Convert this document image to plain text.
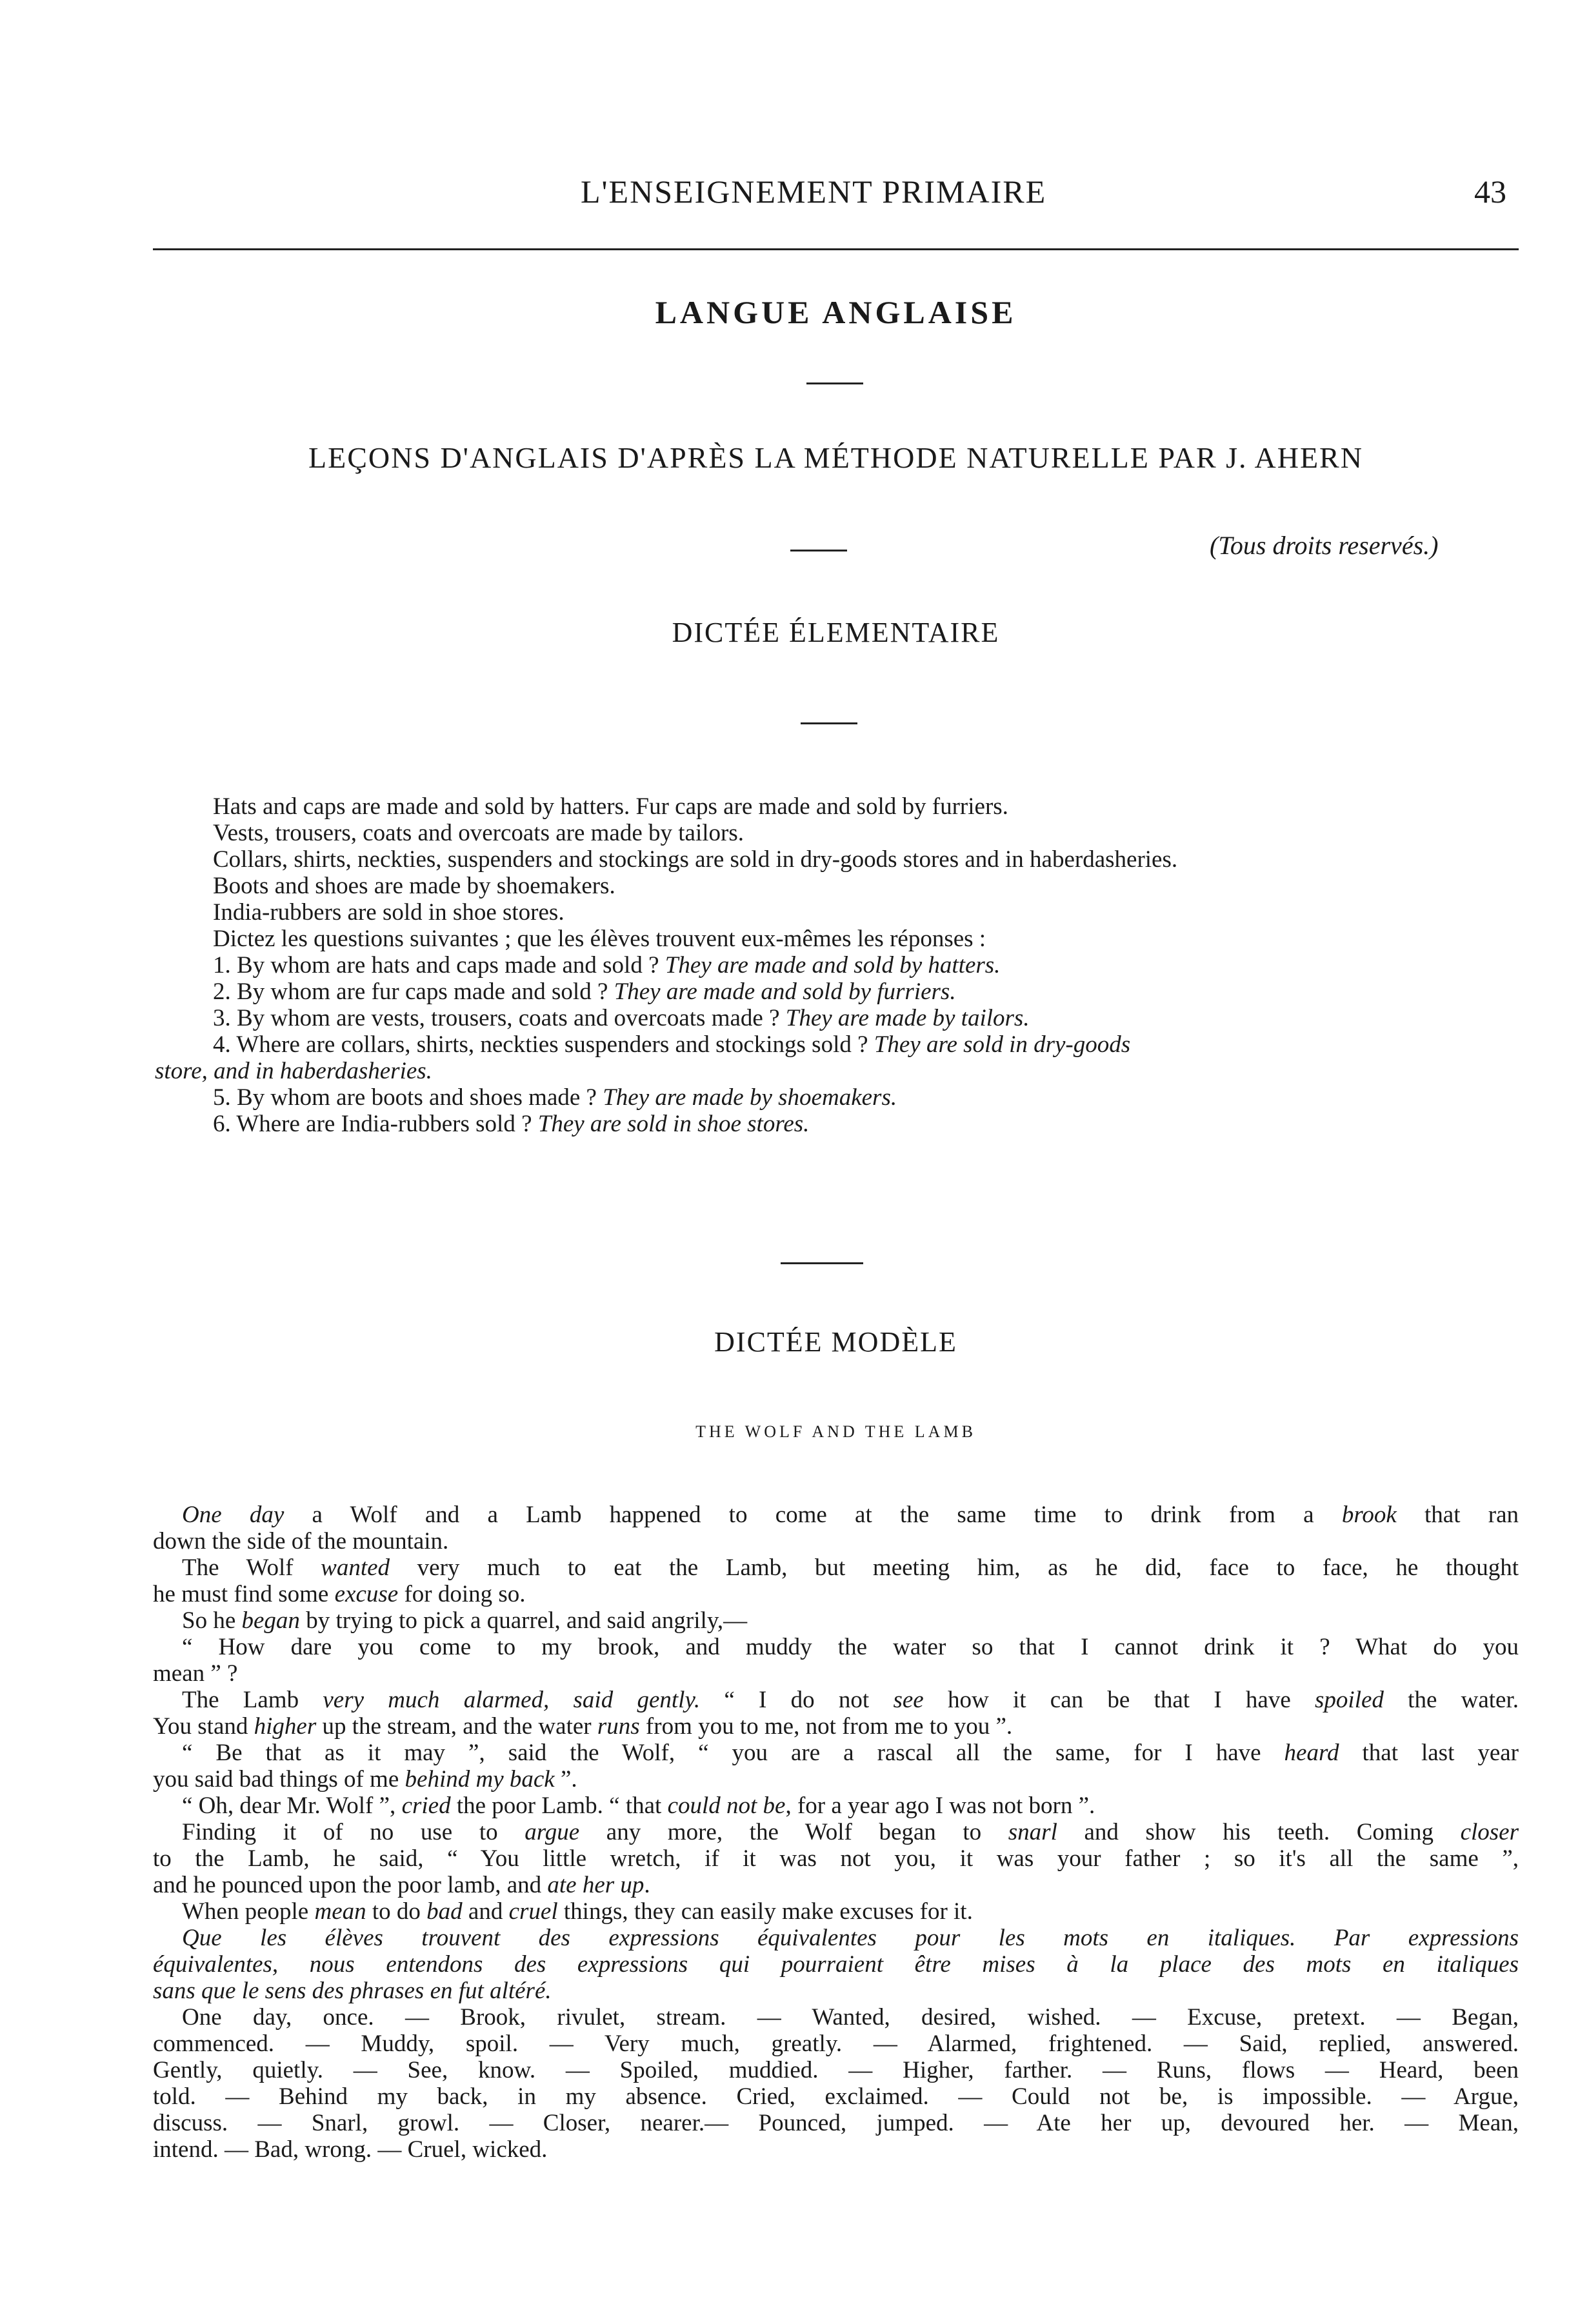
L'ENSEIGNEMENT PRIMAIRE	43
LANGUE ANGLAISE
LEÇONS D'ANGLAIS D'APRÈS LA MÉTHODE NATURELLE PAR J. AHERN
(Tous droits reservés.)
DICTÉE ÉLEMENTAIRE

Hats and caps are made and sold by hatters. Fur caps are made and sold by furriers.

Vests, trousers, coats and overcoats are made by tailors.

Collars, shirts, neckties, suspenders and stockings are sold in dry-goods stores and in haberdasheries.

Boots and shoes are made by shoemakers.

India-rubbers are sold in shoe stores.

Dictez les questions suivantes ; que les élèves trouvent eux-mêmes les réponses :

1. By whom are hats and caps made and sold ? They are made and sold by hatters.

2. By whom are fur caps made and sold ? They are made and sold by furriers.

3. By whom are vests, trousers, coats and overcoats made ? They are made by tailors.

4. Where are collars, shirts, neckties suspenders and stockings sold ? They are sold in dry-goods

store, and in haberdasheries.

5. By whom are boots and shoes made ? They are made by shoemakers.

6. Where are India-rubbers sold ? They are sold in shoe stores.

DICTÉE MODÈLE
THE WOLF AND THE LAMB

One day a Wolf and a Lamb happened to come at the same time to drink from a brook that ran

down the side of the mountain.

The Wolf wanted very much to eat the Lamb, but meeting him, as he did, face to face, he thought

he must find some excuse for doing so.

So he began by trying to pick a quarrel, and said angrily,—

“ How dare you come to my brook, and muddy the water so that I cannot drink it ? What do you

mean ” ?

The Lamb very much alarmed, said gently. “ I do not see how it can be that I have spoiled the water.

You stand higher up the stream, and the water runs from you to me, not from me to you ”.

“ Be that as it may ”, said the Wolf, “ you are a rascal all the same, for I have heard that last year

you said bad things of me behind my back ”.

“ Oh, dear Mr. Wolf ”, cried the poor Lamb. “ that could not be, for a year ago I was not born ”.

Finding it of no use to argue any more, the Wolf began to snarl and show his teeth. Coming closer

to the Lamb, he said, “ You little wretch, if it was not you, it was your father ; so it's all the same ”,

and he pounced upon the poor lamb, and ate her up.

When people mean to do bad and cruel things, they can easily make excuses for it.

Que les élèves trouvent des expressions équivalentes pour les mots en italiques. Par expressions

équivalentes, nous entendons des expressions qui pourraient être mises à la place des mots en italiques

sans que le sens des phrases en fut altéré.

One day, once. — Brook, rivulet, stream. — Wanted, desired, wished. — Excuse, pretext. — Began,

commenced. — Muddy, spoil. — Very much, greatly. — Alarmed, frightened. — Said, replied, answered.

Gently, quietly. — See, know. — Spoiled, muddied. — Higher, farther. — Runs, flows — Heard, been

told. — Behind my back, in my absence. Cried, exclaimed. — Could not be, is impossible. — Argue,

discuss. — Snarl, growl. — Closer, nearer.— Pounced, jumped. — Ate her up, devoured her. — Mean,

intend. — Bad, wrong. — Cruel, wicked.
